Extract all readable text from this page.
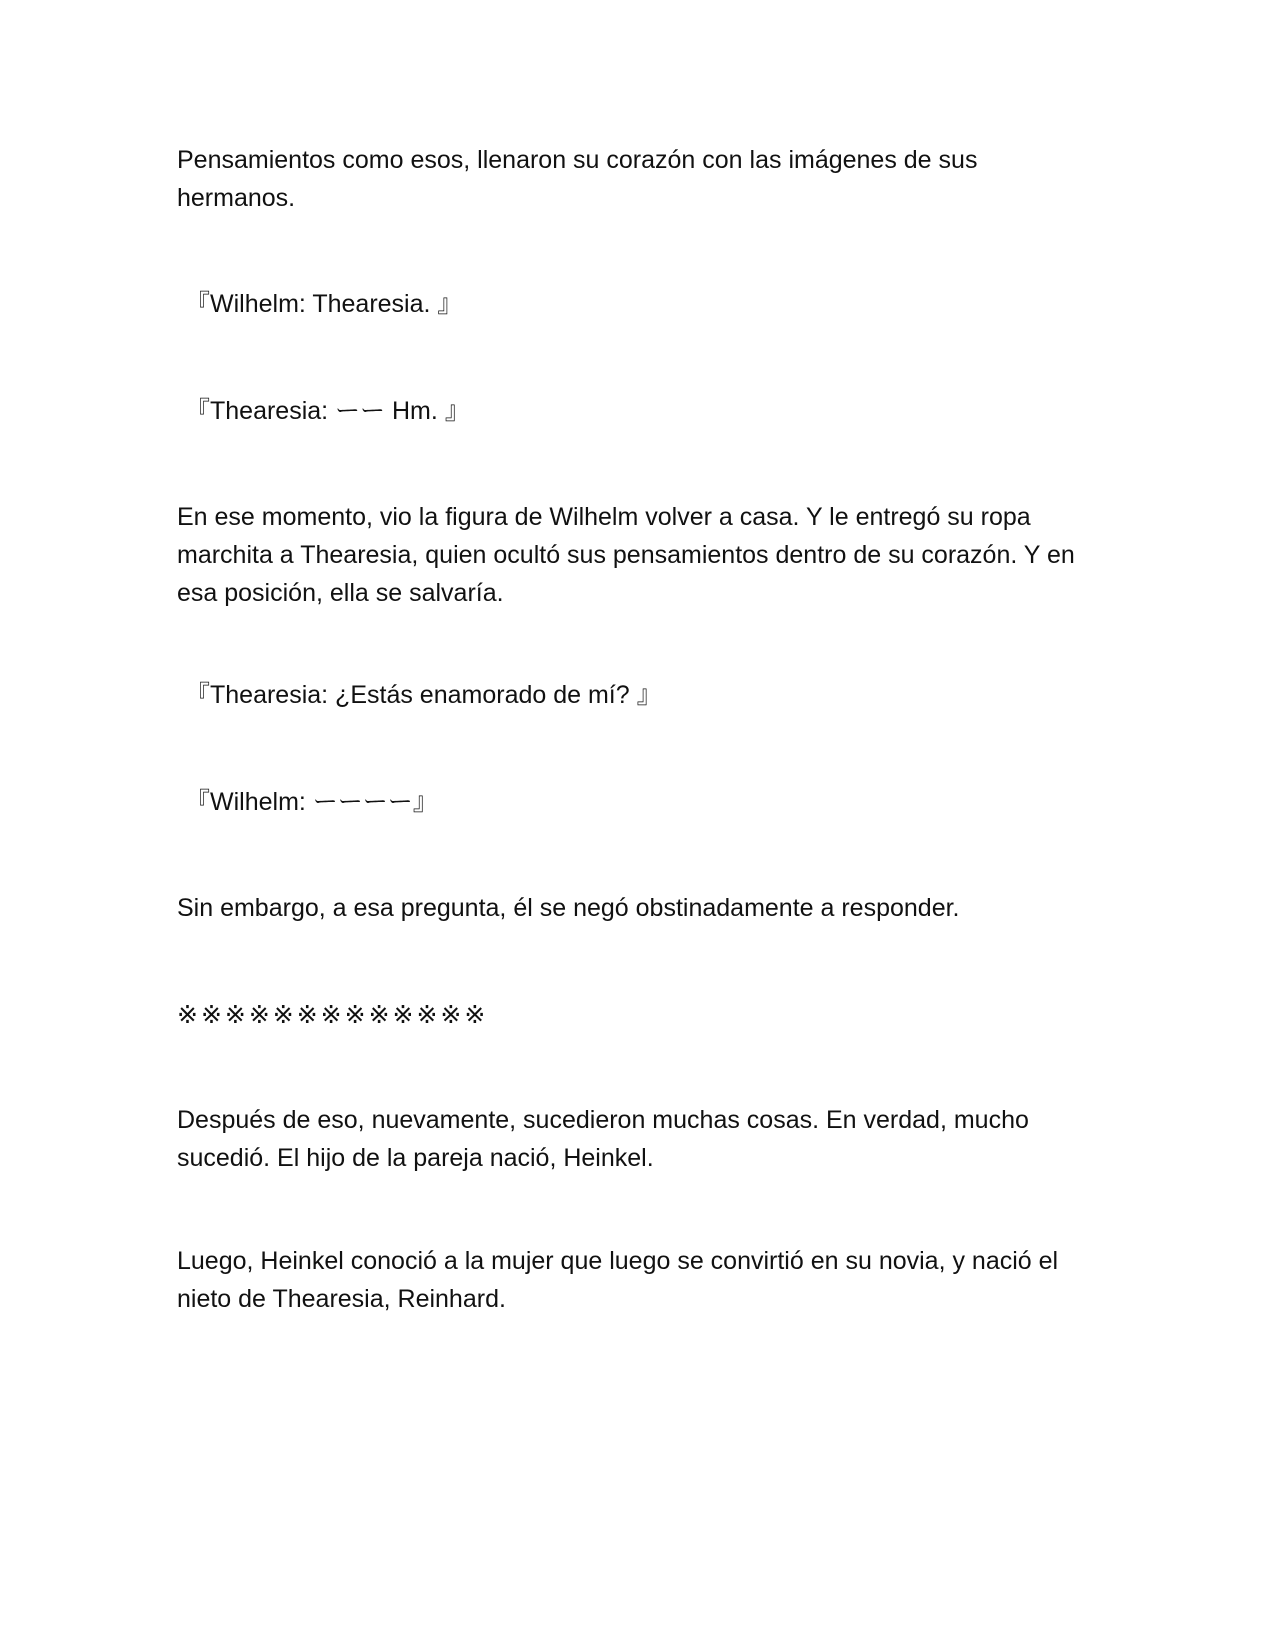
Pensamientos como esos, llenaron su corazón con las imágenes de sus hermanos.
『Wilhelm: Thearesia. 』
『Thearesia: ーー Hm. 』
En ese momento, vio la figura de Wilhelm volver a casa. Y le entregó su ropa marchita a Thearesia, quien ocultó sus pensamientos dentro de su corazón. Y en esa posición, ella se salvaría.
『Thearesia: ¿Estás enamorado de mí? 』
『Wilhelm: ーーーー』
Sin embargo, a esa pregunta, él se negó obstinadamente a responder.
※※※※※※※※※※※※※
Después de eso, nuevamente, sucedieron muchas cosas. En verdad, mucho sucedió. El hijo de la pareja nació, Heinkel.
Luego, Heinkel conoció a la mujer que luego se convirtió en su novia, y nació el nieto de Thearesia, Reinhard.
